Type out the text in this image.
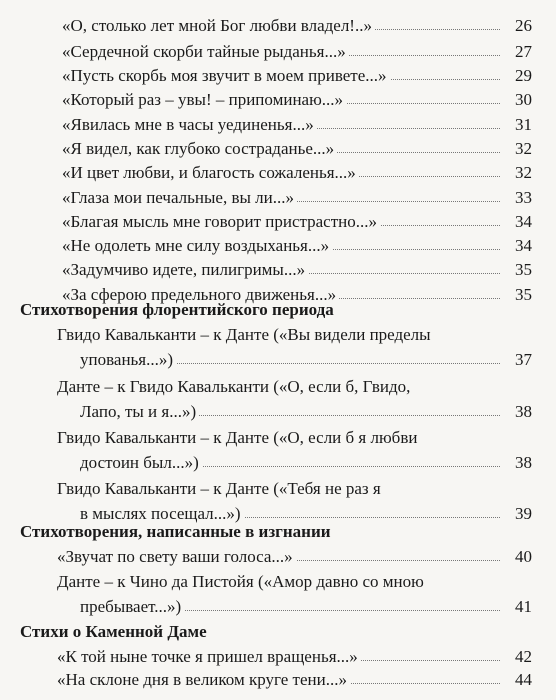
«О, столько лет мной Бог любви владел!..»	26
«Сердечной скорби тайные рыданья...»	27
«Пусть скорбь моя звучит в моем привете...»	29
«Который раз – увы! – припоминаю...»	30
«Явилась мне в часы уединенья...»	31
«Я видел, как глубоко состраданье...»	32
«И цвет любви, и благость сожаленья...»	32
«Глаза мои печальные, вы ли...»	33
«Благая мысль мне говорит пристрастно...»	34
«Не одолеть мне силу воздыханья...»	34
«Задумчиво идете, пилигримы...»	35
«За сферою предельного движенья...»	35
Стихотворения флорентийского периода
Гвидо Кавальканти – к Данте («Вы видели пределы
упованья...»)	37
Данте – к Гвидо Кавальканти («О, если б, Гвидо,
Лапо, ты и я...»)	38
Гвидо Кавальканти – к Данте («О, если б я любви
достоин был...»)	38
Гвидо Кавальканти – к Данте («Тебя не раз я
в мыслях посещал...»)	39
Стихотворения, написанные в изгнании
«Звучат по свету ваши голоса...»	40
Данте – к Чино да Пистойя («Амор давно со мною
пребывает...»)	41
Стихи о Каменной Даме
«К той ныне точке я пришел вращенья...»	42
«На склоне дня в великом круге тени...»	44
